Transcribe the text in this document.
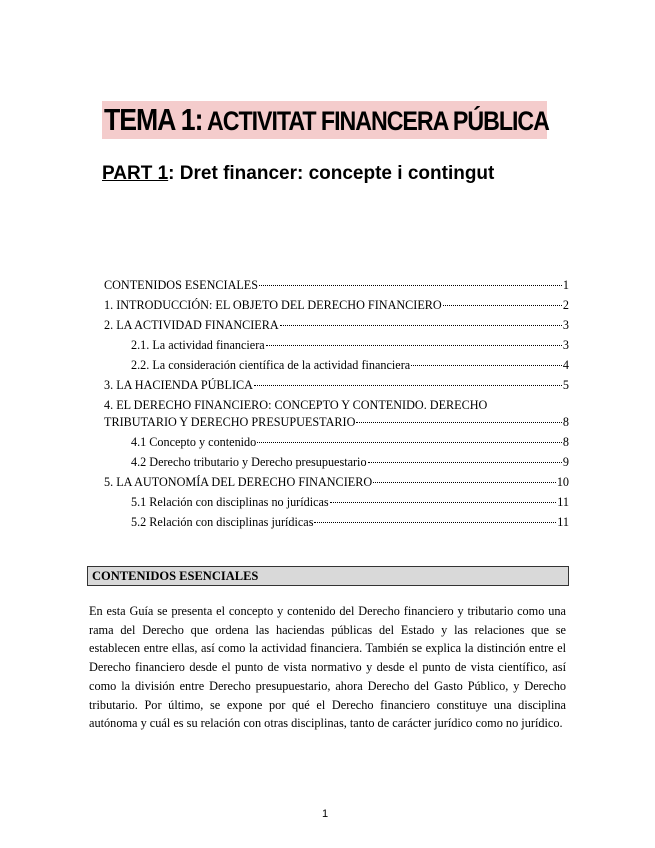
TEMA 1: ACTIVITAT FINANCERA PÚBLICA
PART 1: Dret financer: concepte i contingut
CONTENIDOS ESENCIALES	1
1. INTRODUCCIÓN: EL OBJETO DEL DERECHO FINANCIERO	2
2. LA ACTIVIDAD FINANCIERA	3
2.1. La actividad financiera	3
2.2. La consideración científica de la actividad financiera	4
3. LA HACIENDA PÚBLICA	5
4. EL DERECHO FINANCIERO: CONCEPTO Y CONTENIDO. DERECHO
TRIBUTARIO Y DERECHO PRESUPUESTARIO	8
4.1 Concepto y contenido	8
4.2 Derecho tributario y Derecho presupuestario	9
5. LA AUTONOMÍA DEL DERECHO FINANCIERO	10
5.1 Relación con disciplinas no jurídicas	11
5.2 Relación con disciplinas jurídicas	11
CONTENIDOS ESENCIALES

En esta Guía se presenta el concepto y contenido del Derecho financiero y tributario como una rama del Derecho que ordena las haciendas públicas del Estado y las relaciones que se establecen entre ellas, así como la actividad financiera. También se explica la distinción entre el Derecho financiero desde el punto de vista normativo y desde el punto de vista científico, así como la división entre Derecho presupuestario, ahora Derecho del Gasto Público, y Derecho tributario. Por último, se expone por qué el Derecho financiero constituye una disciplina autónoma y cuál es su relación con otras disciplinas, tanto de carácter jurídico como no jurídico.

1
